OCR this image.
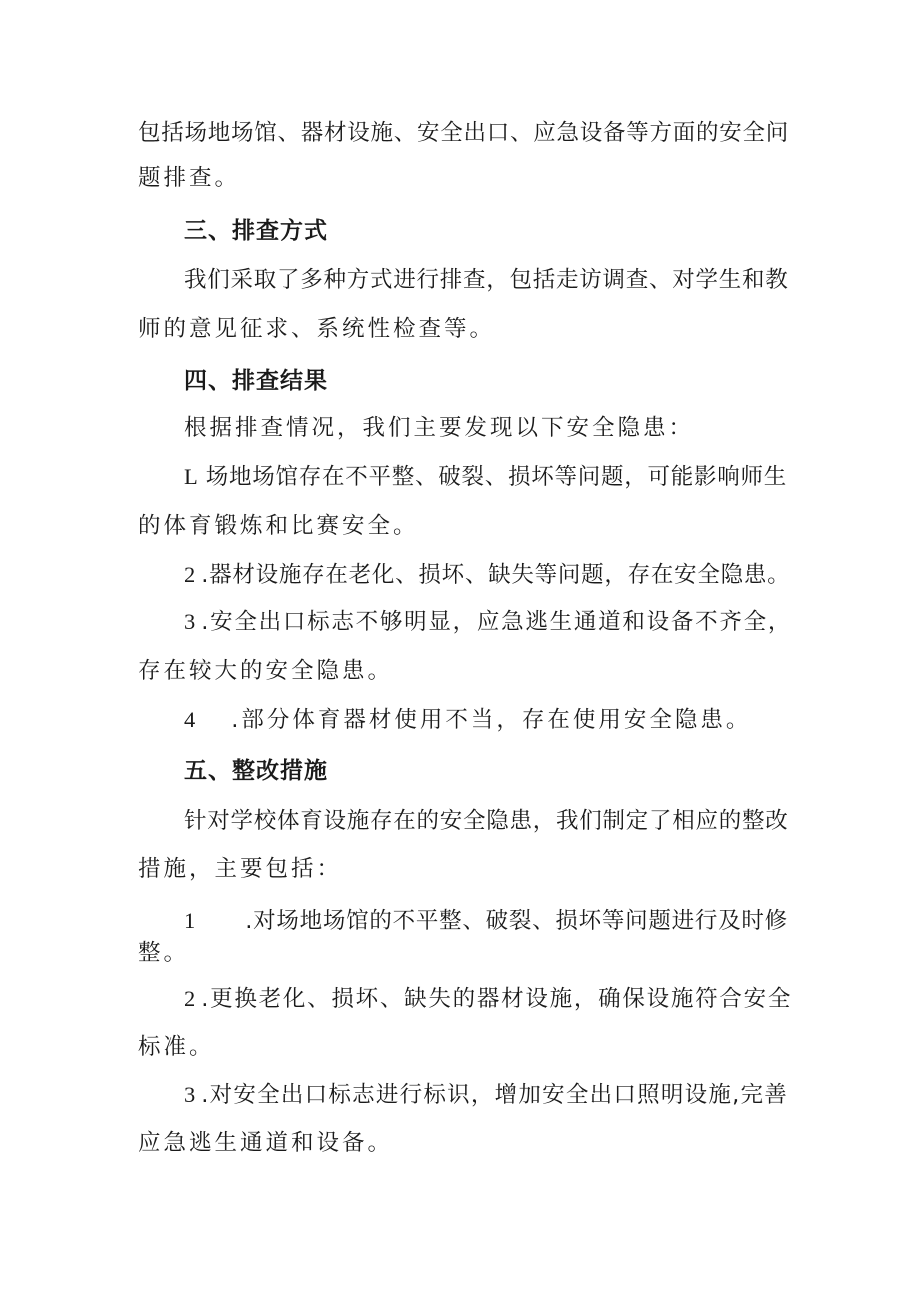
包括场地场馆、器材设施、安全出口、应急设备等方面的安全问
题排查。
三、排查方式
我们采取了多种方式进行排查，包括走访调查、对学生和教
师的意见征求、系统性检查等。
四、排查结果
根据排查情况，我们主要发现以下安全隐患：
L 场地场馆存在不平整、破裂、损坏等问题，可能影响师生
的体育锻炼和比赛安全。
2 .器材设施存在老化、损坏、缺失等问题，存在安全隐患。
3 .安全出口标志不够明显，应急逃生通道和设备不齐全，
存在较大的安全隐患。
4 .部分体育器材使用不当，存在使用安全隐患。
五、整改措施
针对学校体育设施存在的安全隐患，我们制定了相应的整改
措施，主要包括：
1 .对场地场馆的不平整、破裂、损坏等问题进行及时修
整。
2 .更换老化、损坏、缺失的器材设施，确保设施符合安全
标准。
3 .对安全出口标志进行标识，增加安全出口照明设施,完善
应急逃生通道和设备。
